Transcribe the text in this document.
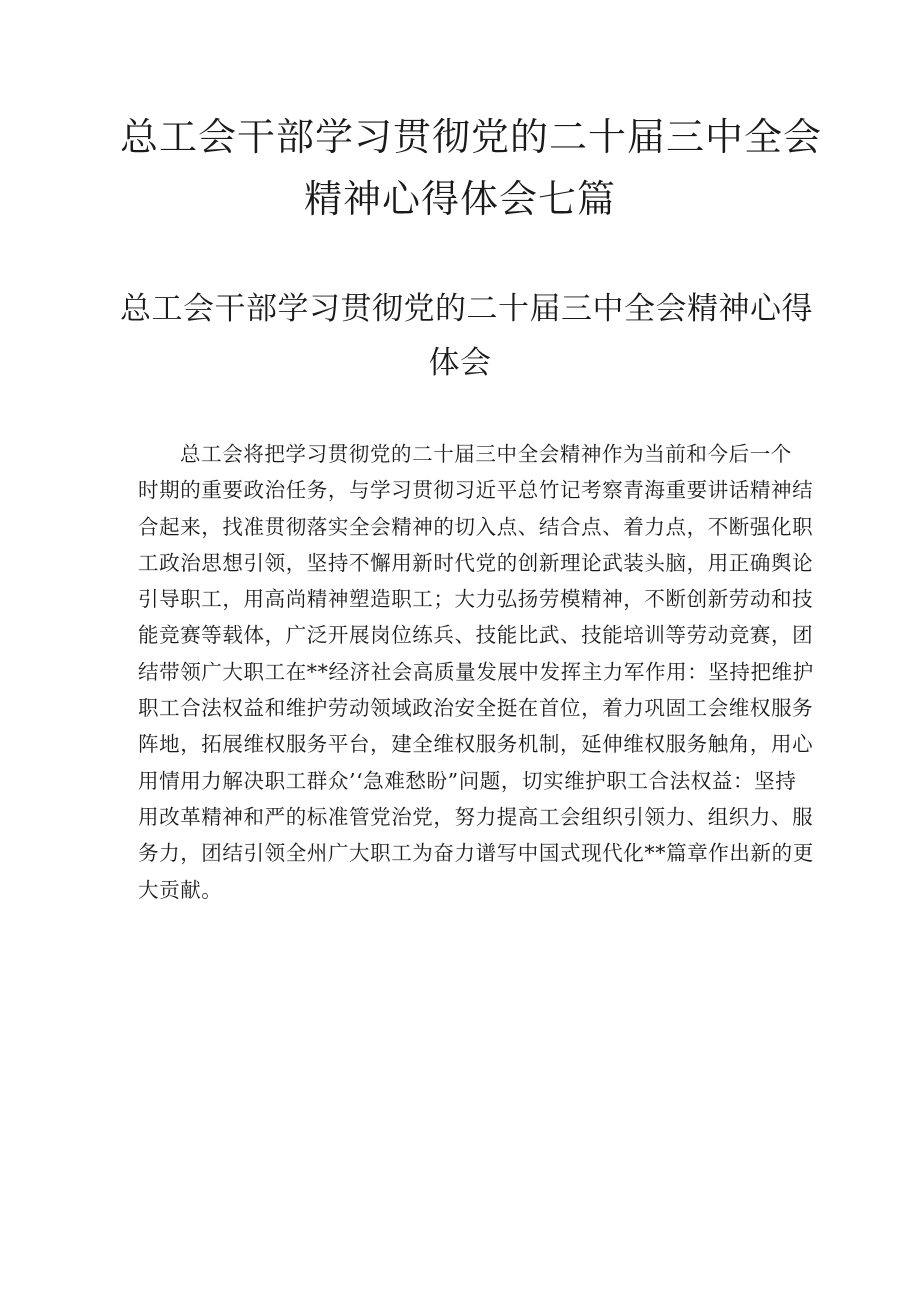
总工会干部学习贯彻党的二十届三中全会
精神心得体会七篇
总工会干部学习贯彻党的二十届三中全会精神心得
体会
总工会将把学习贯彻党的二十届三中全会精神作为当前和今后一个
时期的重要政治任务，与学习贯彻习近平总竹记考察青海重要讲话精神结
合起来，找准贯彻落实全会精神的切入点、结合点、着力点，不断强化职
工政治思想引领，坚持不懈用新时代党的创新理论武装头脑，用正确舆论
引导职工，用高尚精神塑造职工；大力弘扬劳模精神，不断创新劳动和技
能竞赛等载体，广泛开展岗位练兵、技能比武、技能培训等劳动竞赛，团
结带领广大职工在**经济社会高质量发展中发挥主力军作用：坚持把维护
职工合法权益和维护劳动领域政治安全挺在首位，着力巩固工会维权服务
阵地，拓展维权服务平台，建全维权服务机制，延伸维权服务触角，用心
用情用力解决职工群众’‘急难愁盼”问题，切实维护职工合法权益：坚持
用改革精神和严的标准管党治党，努力提高工会组织引领力、组织力、服
务力，团结引领全州广大职工为奋力谱写中国式现代化**篇章作出新的更
大贡献。
